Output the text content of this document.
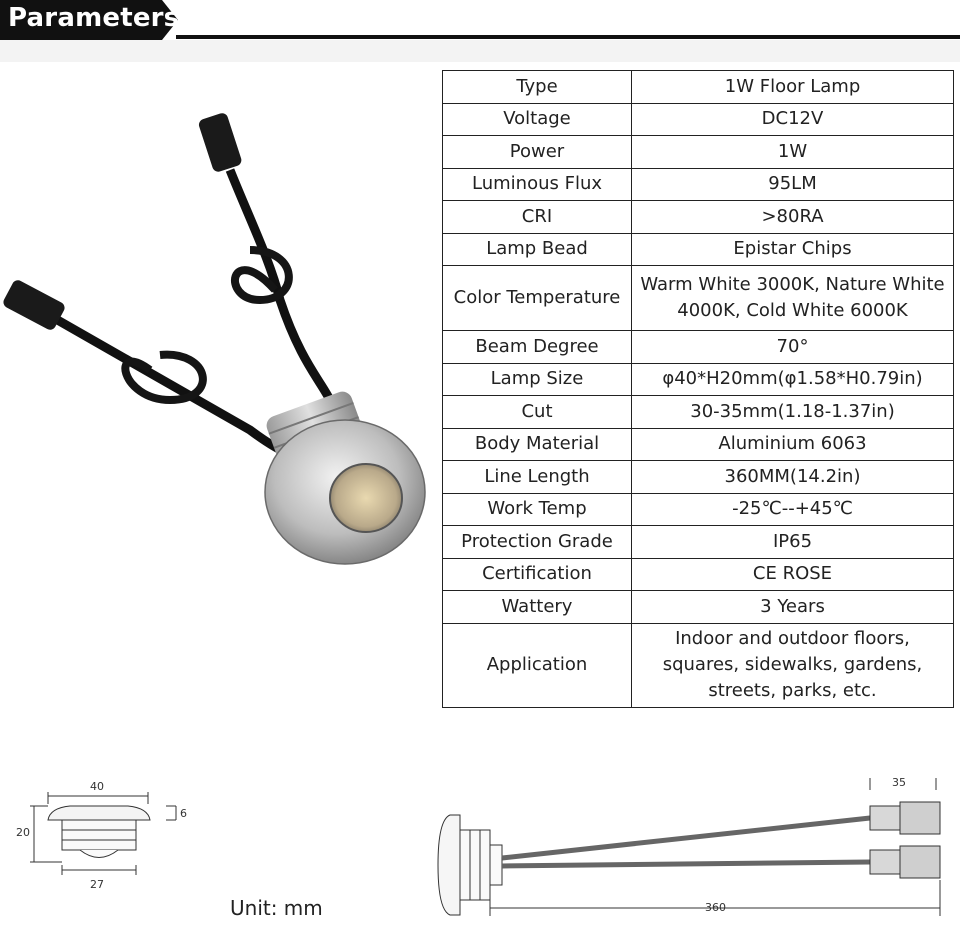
Parameters
Type	1W Floor Lamp
Voltage	DC12V
Power	1W
Luminous Flux	95LM
CRI	>80RA
Lamp Bead	Epistar Chips
Color Temperature	Warm White 3000K, Nature White 4000K, Cold White 6000K
Beam Degree	70°
Lamp Size	φ40*H20mm(φ1.58*H0.79in)
Cut	30-35mm(1.18-1.37in)
Body Material	Aluminium 6063
Line Length	360MM(14.2in)
Work Temp	-25℃--+45℃
Protection Grade	IP65
Certification	CE ROSE
Wattery	3 Years
Application	Indoor and outdoor floors, squares, sidewalks, gardens, streets, parks, etc.
40
20
6
27
35
360
Unit: mm
